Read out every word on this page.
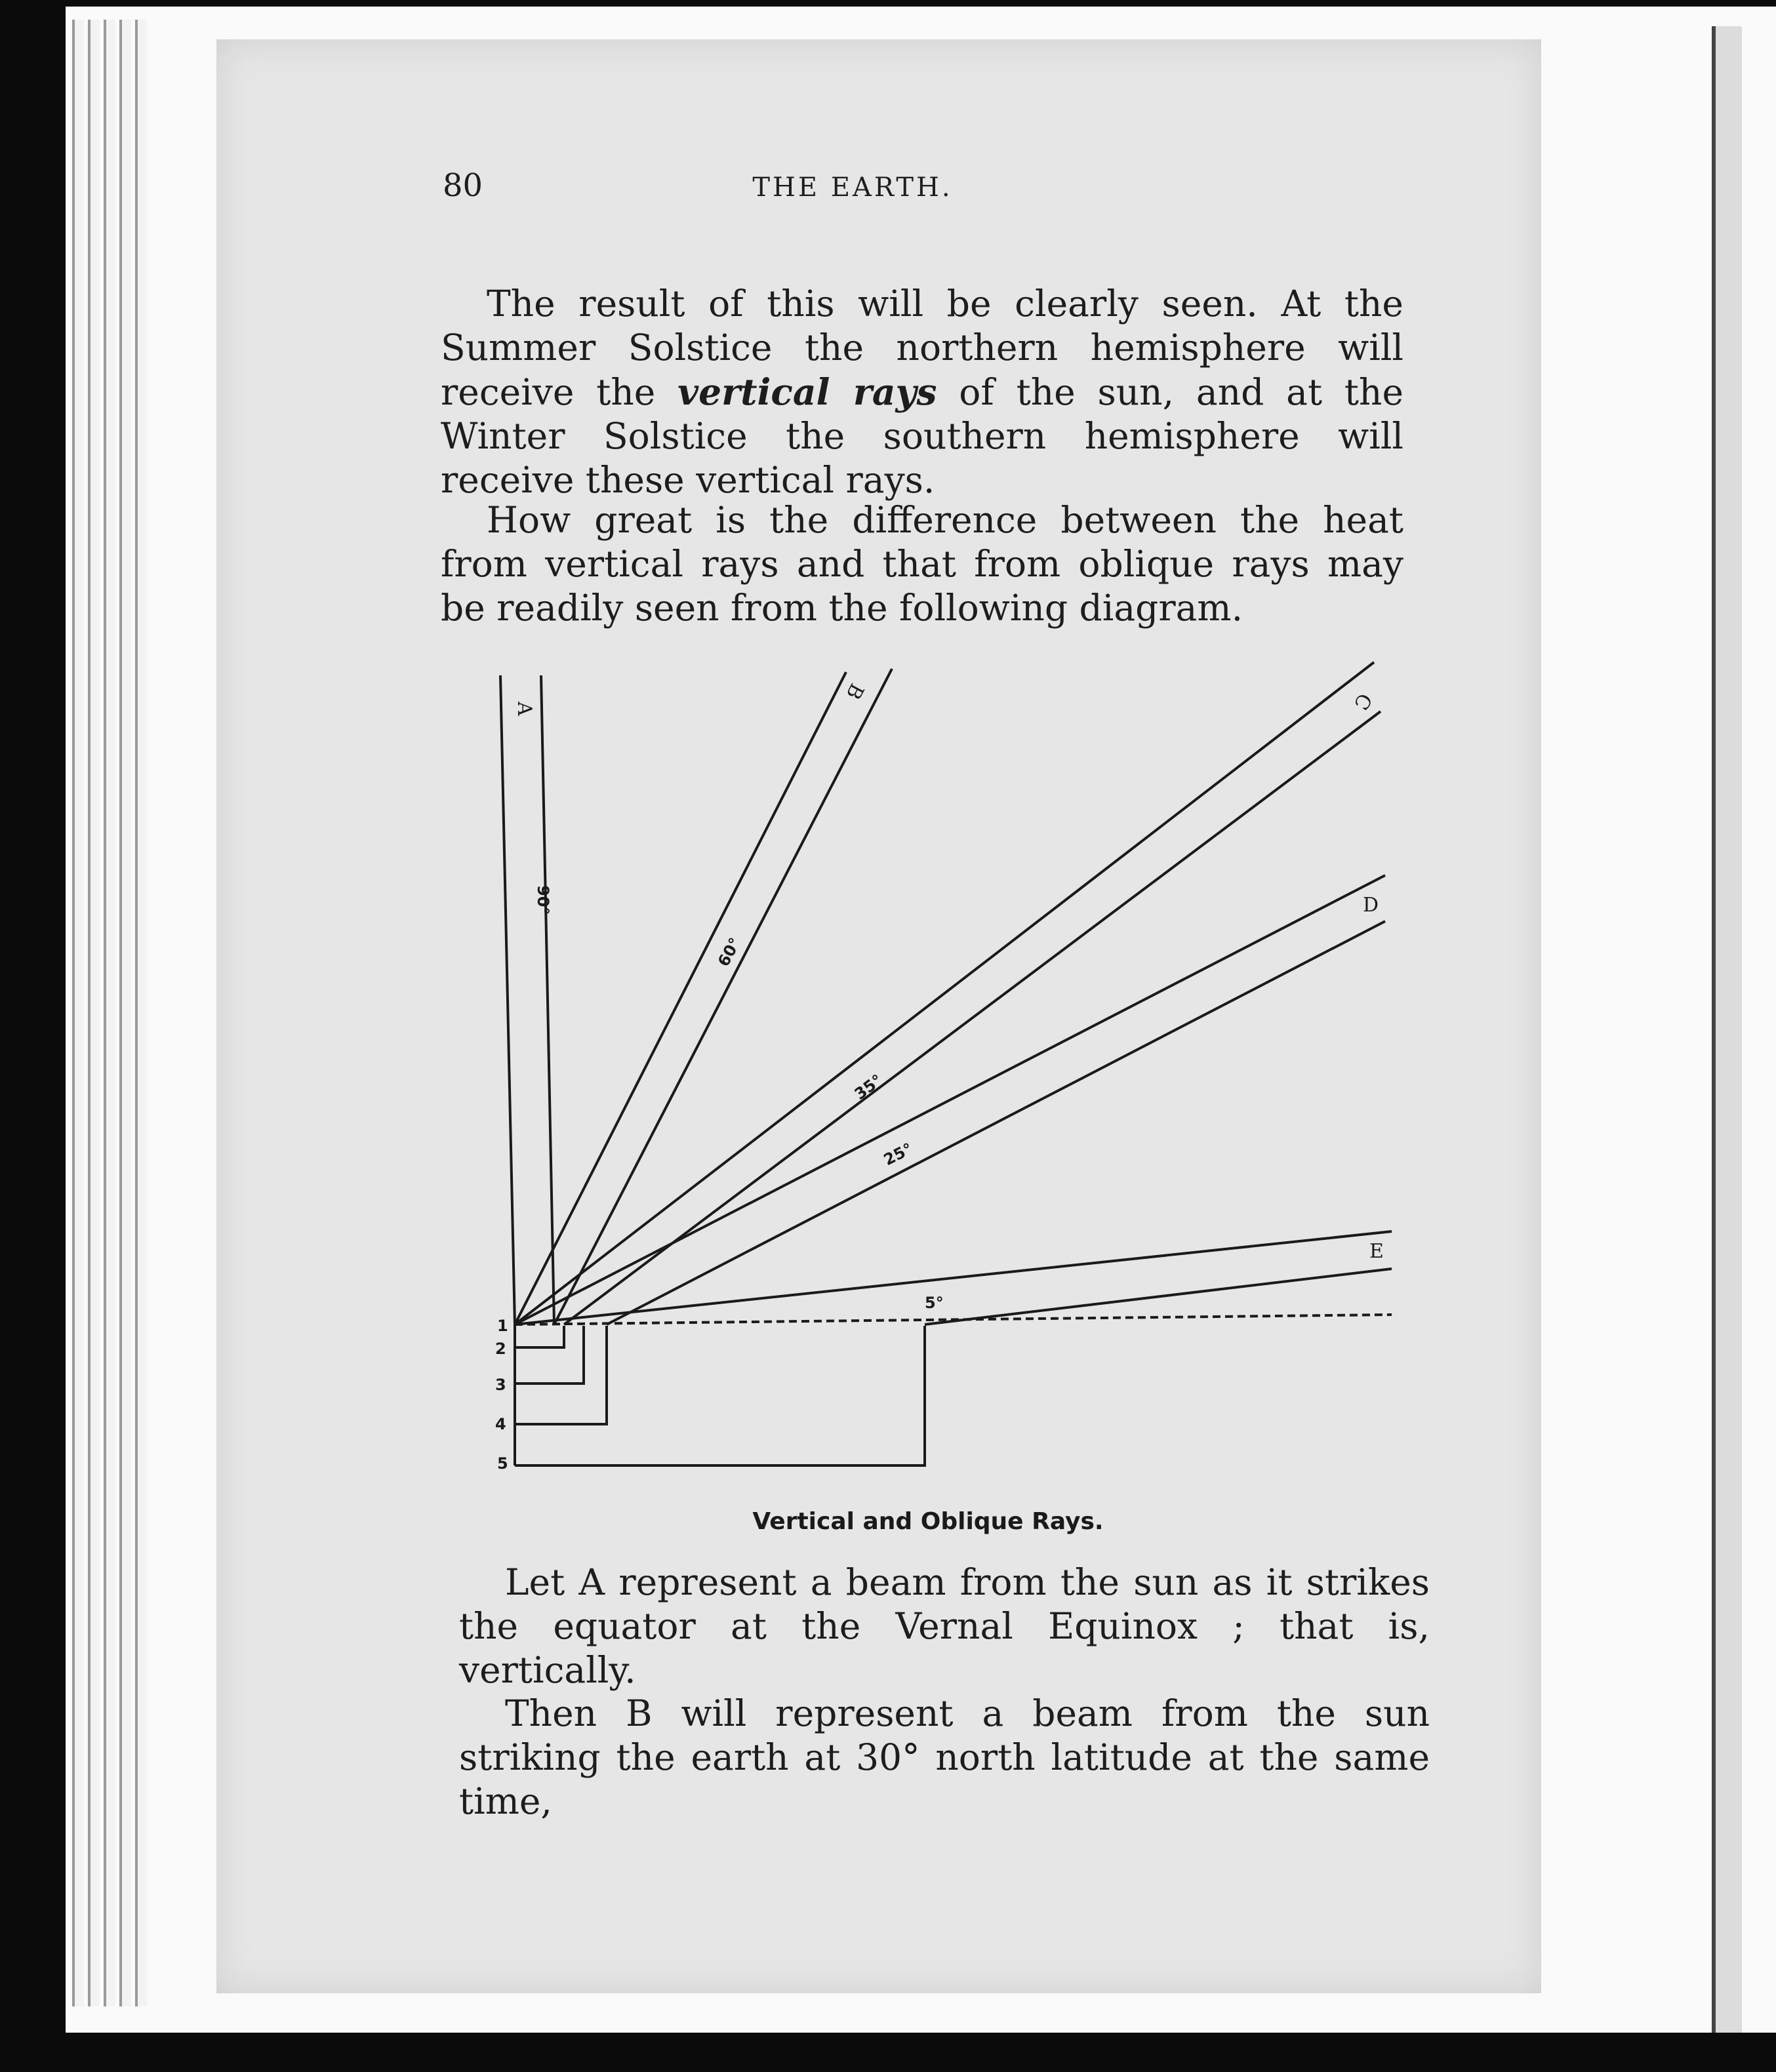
80	THE EARTH.

The result of this will be clearly seen. At the Summer Solstice the northern hemisphere will receive the vertical rays of the sun, and at the Winter Solstice the southern hemisphere will receive these vertical rays.

How great is the difference between the heat from vertical rays and that from oblique rays may be readily seen from the following diagram.

A
B	C
D
E
90°
60°
35°
25°
5°
1
2
3
4
5
Vertical and Oblique Rays.

Let A represent a beam from the sun as it strikes the equator at the Vernal Equinox ; that is, vertically.

Then B will represent a beam from the sun striking the earth at 30° north latitude at the same time,
